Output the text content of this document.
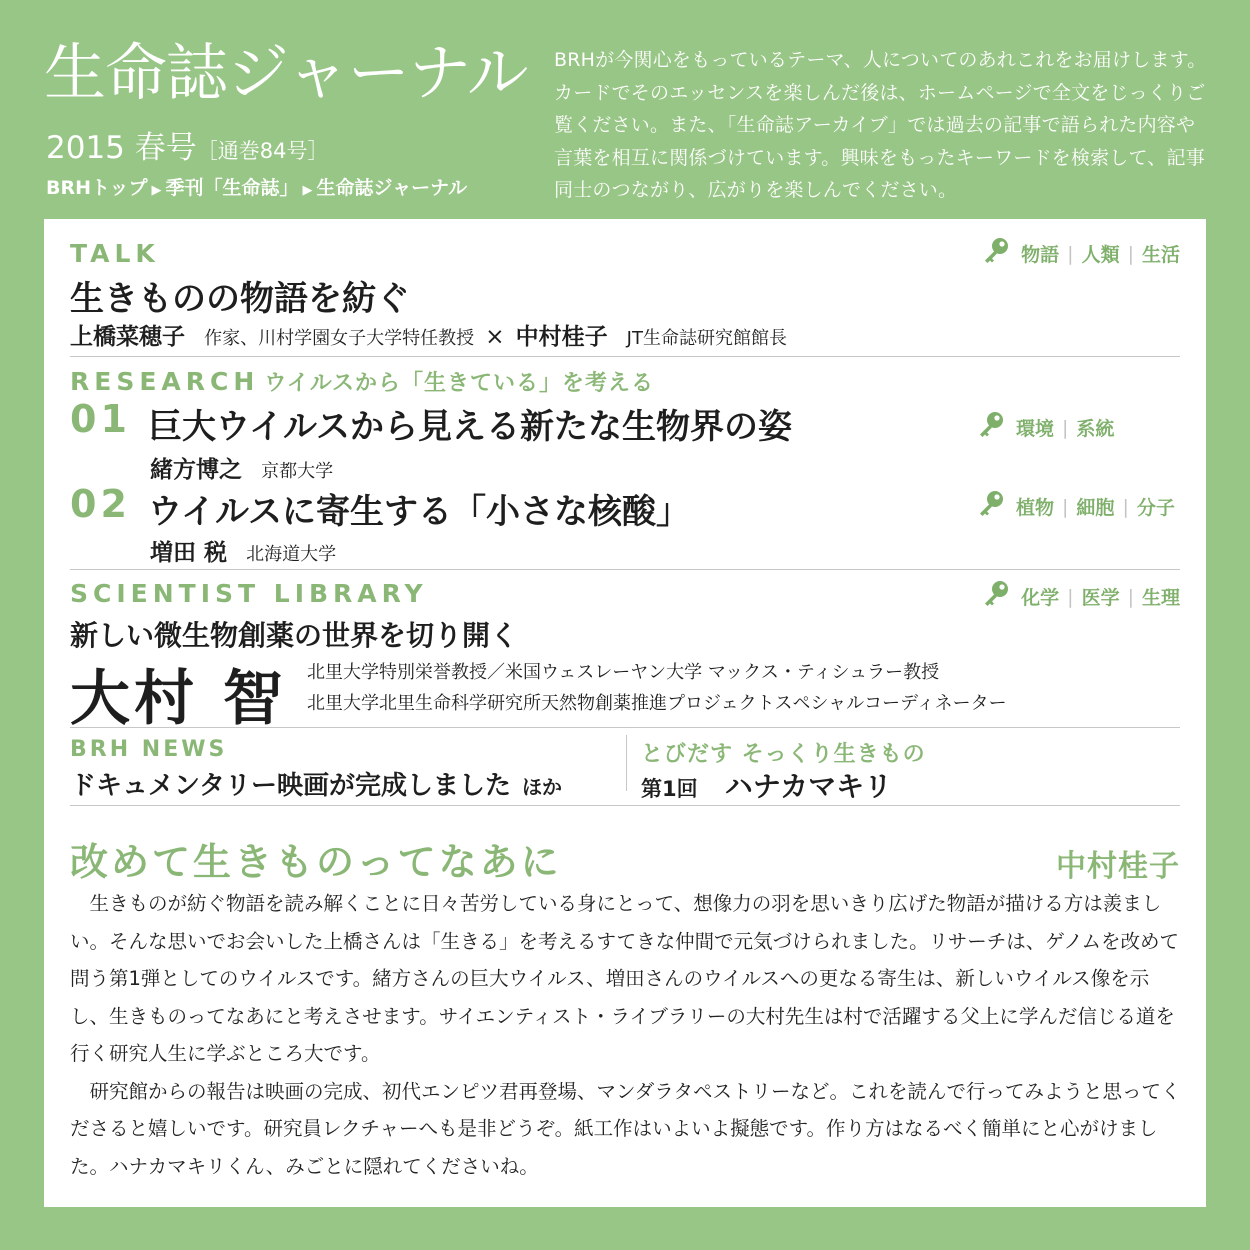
生命誌ジャーナル
2015 春号［通巻84号］
BRHトップ ▶ 季刊「生命誌」 ▶ 生命誌ジャーナル
BRHが今関心をもっているテーマ、人についてのあれこれをお届けします。カードでそのエッセンスを楽しんだ後は、ホームページで全文をじっくりご覧ください。また、「生命誌アーカイブ」では過去の記事で語られた内容や言葉を相互に関係づけています。興味をもったキーワードを検索して、記事同士のつながり、広がりを楽しんでください。
TALK	物語 | 人類 | 生活
生きものの物語を紡ぐ
上橋菜穂子 作家、川村学園女子大学特任教授 × 中村桂子 JT生命誌研究館館長
RESEARCH ウイルスから「生きている」を考える
01 巨大ウイルスから見える新たな生物界の姿
緒方博之 京都大学
環境 | 系統
02 ウイルスに寄生する「小さな核酸」
増田 税 北海道大学
植物 | 細胞 | 分子
SCIENTIST LIBRARY	化学 | 医学 | 生理
新しい微生物創薬の世界を切り開く
大村 智 北里大学特別栄誉教授／米国ウェスレーヤン大学 マックス・ティシュラー教授
北里大学北里生命科学研究所天然物創薬推進プロジェクトスペシャルコーディネーター
BRH NEWS
ドキュメンタリー映画が完成しました ほか
とびだす そっくり生きもの
第1回 ハナカマキリ
改めて生きものってなあに	中村桂子

生きものが紡ぐ物語を読み解くことに日々苦労している身にとって、想像力の羽を思いきり広げた物語が描ける方は羨ましい。そんな思いでお会いした上橋さんは「生きる」を考えるすてきな仲間で元気づけられました。リサーチは、ゲノムを改めて問う第1弾としてのウイルスです。緒方さんの巨大ウイルス、増田さんのウイルスへの更なる寄生は、新しいウイルス像を示し、生きものってなあにと考えさせます。サイエンティスト・ライブラリーの大村先生は村で活躍する父上に学んだ信じる道を行く研究人生に学ぶところ大です。

研究館からの報告は映画の完成、初代エンピツ君再登場、マンダラタペストリーなど。これを読んで行ってみようと思ってくださると嬉しいです。研究員レクチャーへも是非どうぞ。紙工作はいよいよ擬態です。作り方はなるべく簡単にと心がけました。ハナカマキリくん、みごとに隠れてくださいね。
